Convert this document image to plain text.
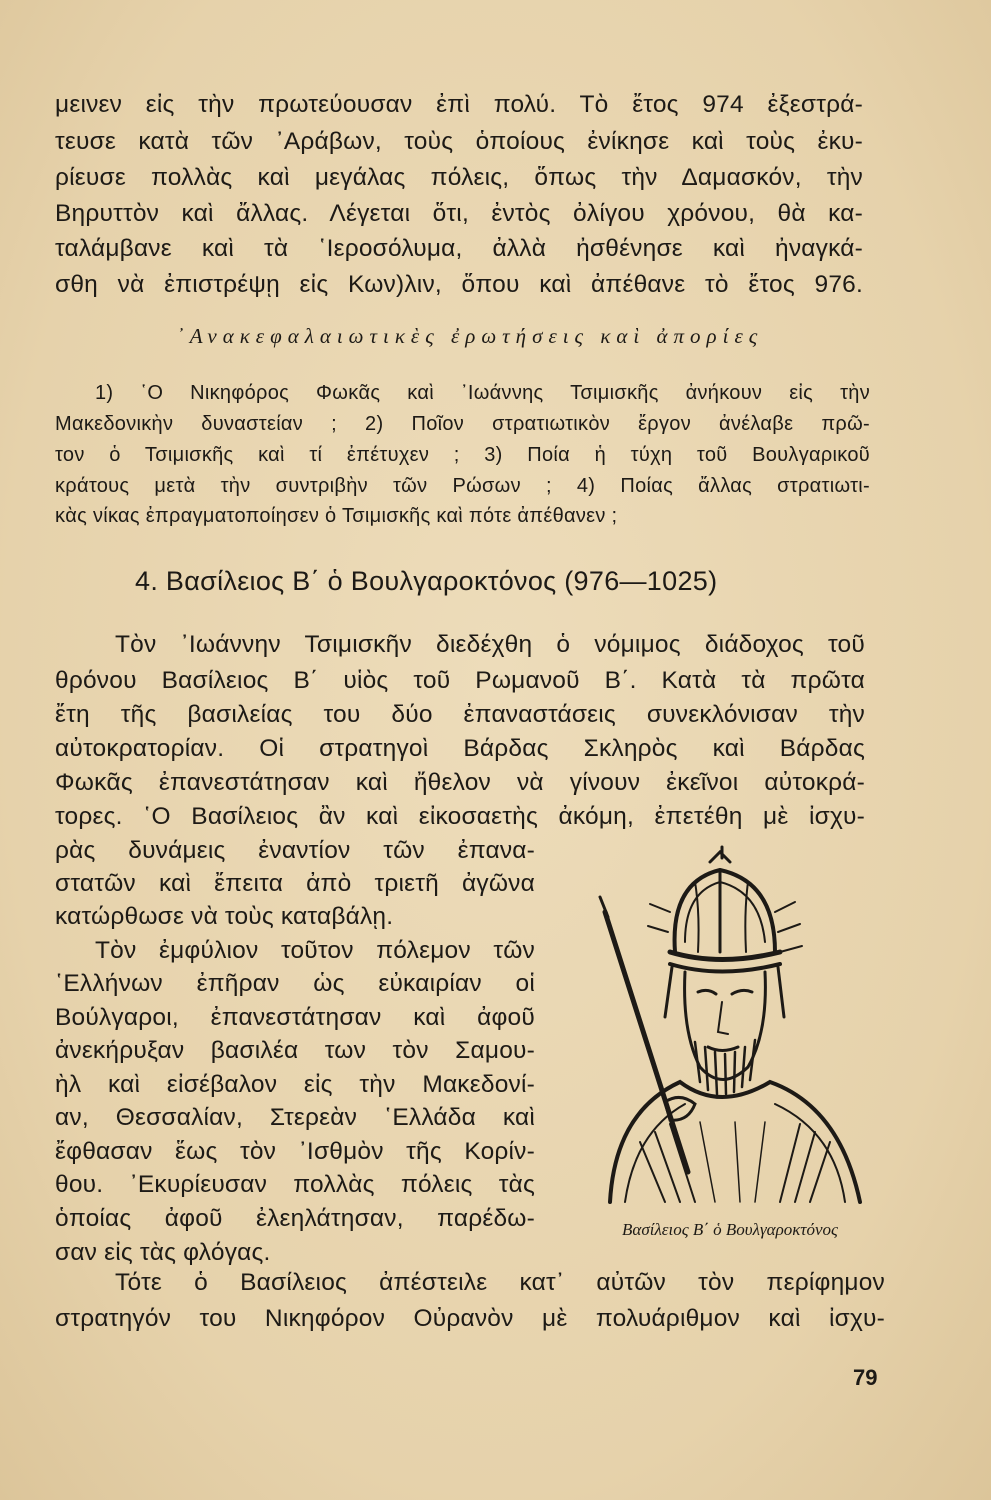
μεινεν εἰς τὴν πρωτεύουσαν ἐπὶ πολύ. Τὸ ἔτος 974 ἐξεστρά-
τευσε κατὰ τῶν ᾿Αράβων, τοὺς ὁποίους ἐνίκησε καὶ τοὺς ἐκυ-
ρίευσε πολλὰς καὶ μεγάλας πόλεις, ὅπως τὴν Δαμασκόν, τὴν
Βηρυττὸν καὶ ἄλλας. Λέγεται ὅτι, ἐντὸς ὀλίγου χρόνου, θὰ κα-
ταλάμβανε καὶ τὰ ῾Ιεροσόλυμα, ἀλλὰ ἠσθένησε καὶ ἠναγκά-
σθη νὰ ἐπιστρέψῃ εἰς Κων)λιν, ὅπου καὶ ἀπέθανε τὸ ἔτος 976.
᾿Ανακεφαλαιωτικὲς ἐρωτήσεις καὶ ἀπορίες
1) ῾Ο Νικηφόρος Φωκᾶς καὶ ᾿Ιωάννης Τσιμισκῆς ἀνήκουν εἰς τὴν
Μακεδονικὴν δυναστείαν ; 2) Ποῖον στρατιωτικὸν ἔργον ἀνέλαβε πρῶ-
τον ὁ Τσιμισκῆς καὶ τί ἐπέτυχεν ; 3) Ποία ἡ τύχη τοῦ Βουλγαρικοῦ
κράτους μετὰ τὴν συντριβὴν τῶν Ρώσων ; 4) Ποίας ἄλλας στρατιωτι-
κὰς νίκας ἐπραγματοποίησεν ὁ Τσιμισκῆς καὶ πότε ἀπέθανεν ;
4. Βασίλειος Β΄ ὁ Βουλγαροκτόνος (976—1025)
Τὸν ᾿Ιωάννην Τσιμισκῆν διεδέχθη ὁ νόμιμος διάδοχος τοῦ
θρόνου Βασίλειος Β΄ υἱὸς τοῦ Ρωμανοῦ Β΄. Κατὰ τὰ πρῶτα
ἔτη τῆς βασιλείας του δύο ἐπαναστάσεις συνεκλόνισαν τὴν
αὐτοκρατορίαν. Οἱ στρατηγοὶ Βάρδας Σκληρὸς καὶ Βάρδας
Φωκᾶς ἐπανεστάτησαν καὶ ἤθελον νὰ γίνουν ἐκεῖνοι αὐτοκρά-
τορες. ῾Ο Βασίλειος ἂν καὶ εἰκοσαετὴς ἀκόμη, ἐπετέθη μὲ ἰσχυ-
ρὰς δυνάμεις ἐναντίον τῶν ἐπανα-
στατῶν καὶ ἔπειτα ἀπὸ τριετῆ ἀγῶνα
κατώρθωσε νὰ τοὺς καταβάλῃ.
Τὸν ἐμφύλιον τοῦτον πόλεμον τῶν
῾Ελλήνων ἐπῆραν ὡς εὐκαιρίαν οἱ
Βούλγαροι, ἐπανεστάτησαν καὶ ἀφοῦ
ἀνεκήρυξαν βασιλέα των τὸν Σαμου-
ὴλ καὶ εἰσέβαλον εἰς τὴν Μακεδονί-
αν, Θεσσαλίαν, Στερεὰν ῾Ελλάδα καὶ
ἔφθασαν ἕως τὸν ᾿Ισθμὸν τῆς Κορίν-
θου. ᾿Εκυρίευσαν πολλὰς πόλεις τὰς
ὁποίας ἀφοῦ ἐλεηλάτησαν, παρέδω-
σαν εἰς τὰς φλόγας.
Τότε ὁ Βασίλειος ἀπέστειλε κατ᾿ αὐτῶν τὸν περίφημον
στρατηγόν του Νικηφόρον Οὐρανὸν μὲ πολυάριθμον καὶ ἰσχυ-
Βασίλειος Β΄ ὁ Βουλγαροκτόνος
79
